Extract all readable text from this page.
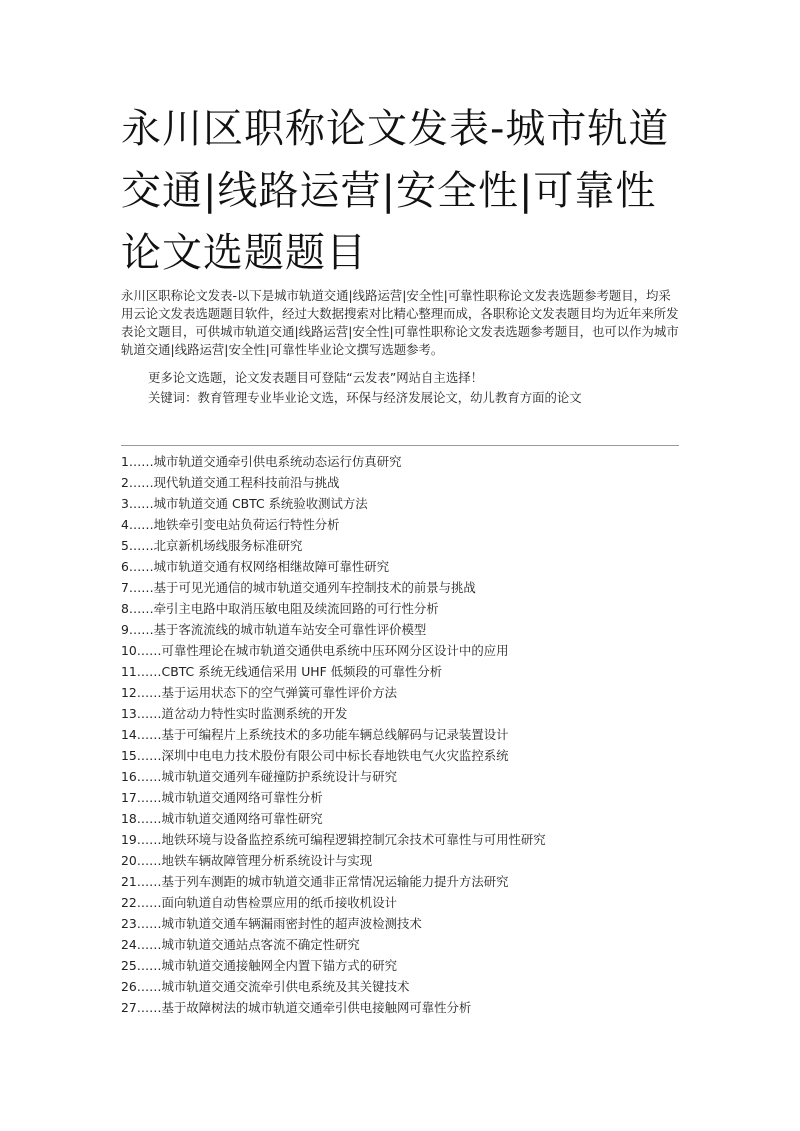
永川区职称论文发表-城市轨道交通|线路运营|安全性|可靠性论文选题题目

永川区职称论文发表-以下是城市轨道交通|线路运营|安全性|可靠性职称论文发表选题参考题目，均采用云论文发表选题题目软件，经过大数据搜索对比精心整理而成，各职称论文发表题目均为近年来所发表论文题目，可供城市轨道交通|线路运营|安全性|可靠性职称论文发表选题参考题目，也可以作为城市轨道交通|线路运营|安全性|可靠性毕业论文撰写选题参考。

更多论文选题，论文发表题目可登陆“云发表”网站自主选择！

关键词：教育管理专业毕业论文选，环保与经济发展论文，幼儿教育方面的论文

1……城市轨道交通牵引供电系统动态运行仿真研究
2……现代轨道交通工程科技前沿与挑战
3……城市轨道交通 CBTC 系统验收测试方法
4……地铁牵引变电站负荷运行特性分析
5……北京新机场线服务标准研究
6……城市轨道交通有权网络相继故障可靠性研究
7……基于可见光通信的城市轨道交通列车控制技术的前景与挑战
8……牵引主电路中取消压敏电阻及续流回路的可行性分析
9……基于客流流线的城市轨道车站安全可靠性评价模型
10……可靠性理论在城市轨道交通供电系统中压环网分区设计中的应用
11……CBTC 系统无线通信采用 UHF 低频段的可靠性分析
12……基于运用状态下的空气弹簧可靠性评价方法
13……道岔动力特性实时监测系统的开发
14……基于可编程片上系统技术的多功能车辆总线解码与记录装置设计
15……深圳中电电力技术股份有限公司中标长春地铁电气火灾监控系统
16……城市轨道交通列车碰撞防护系统设计与研究
17……城市轨道交通网络可靠性分析
18……城市轨道交通网络可靠性研究
19……地铁环境与设备监控系统可编程逻辑控制冗余技术可靠性与可用性研究
20……地铁车辆故障管理分析系统设计与实现
21……基于列车测距的城市轨道交通非正常情况运输能力提升方法研究
22……面向轨道自动售检票应用的纸币接收机设计
23……城市轨道交通车辆漏雨密封性的超声波检测技术
24……城市轨道交通站点客流不确定性研究
25……城市轨道交通接触网全内置下锚方式的研究
26……城市轨道交通交流牵引供电系统及其关键技术
27……基于故障树法的城市轨道交通牵引供电接触网可靠性分析
